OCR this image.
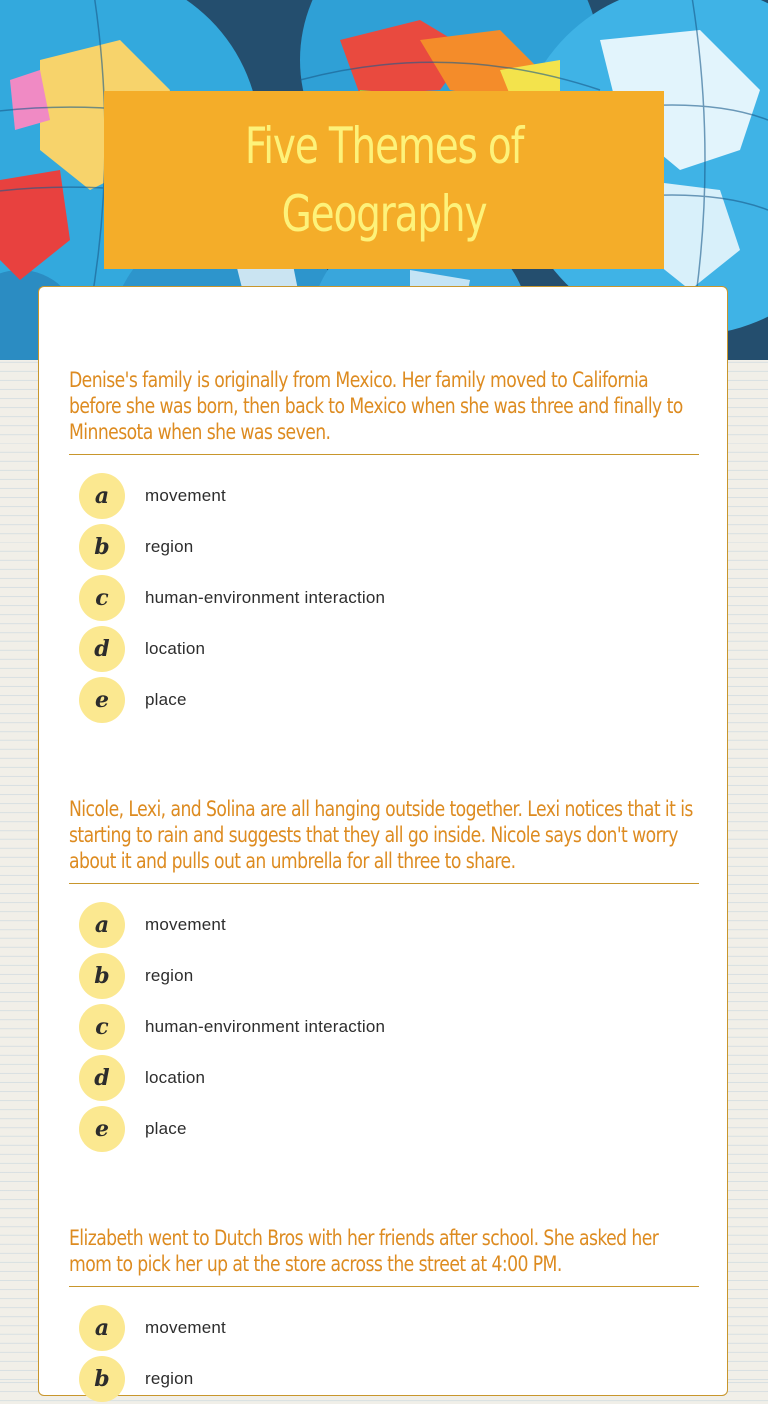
Five Themes of Geography
Denise's family is originally from Mexico. Her family moved to California before she was born, then back to Mexico when she was three and finally to Minnesota when she was seven.
a	movement
b	region
c	human-environment interaction
d	location
e	place
Nicole, Lexi, and Solina are all hanging outside together. Lexi notices that it is starting to rain and suggests that they all go inside. Nicole says don't worry about it and pulls out an umbrella for all three to share.
a	movement
b	region
c	human-environment interaction
d	location
e	place
Elizabeth went to Dutch Bros with her friends after school. She asked her mom to pick her up at the store across the street at 4:00 PM.
a	movement
b	region
